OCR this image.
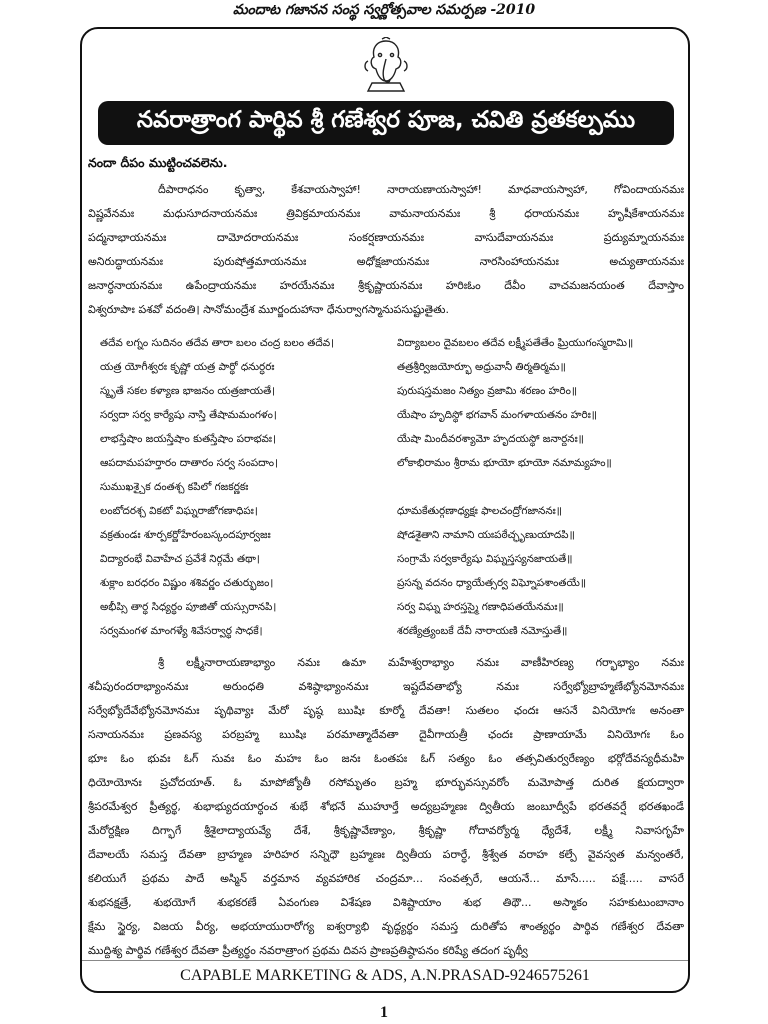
మందాట గజానన సంస్థ స్వర్ణోత్సవాల సమర్పణ -2010
నవరాత్రాంగ పార్థివ శ్రీ గణేశ్వర పూజ, చవితి వ్రతకల్పము
నందా దీపం ముట్టించవలెను.
దీపారాధనం కృత్వా, కేశవాయస్వాహా! నారాయణాయస్వాహా! మాధవాయస్వాహా, గోవిందాయనమః
విష్ణవేనమః మధుసూదనాయనమః త్రివిక్రమాయనమః వామనాయనమః శ్రీ ధరాయనమః హృషీకేశాయనమః
పద్మనాభాయనమః దామోదరాయనమః సంకర్షణాయనమః వాసుదేవాయనమః ప్రద్యుమ్నాయనమః
అనిరుద్ధాయనమః పురుషోత్తమాయనమః అధోక్షజాయనమః నారసింహాయనమః అచ్యుతాయనమః
జనార్ధనాయనమః ఉపేంద్రాయనమః హరయేనమః శ్రీకృష్ణాయనమః హరిఃఓం దేవీం వాచమజనయంత దేవాస్తాం
విశ్వరూపాః పశవో వదంతి। సానోమంద్రేశ మూర్జందుహానా ధేనుర్వాగస్మానుపసుష్టుతైతు.
తదేవ లగ్నం సుదినం తదేవ తారా బలం చంద్ర బలం తదేవ।	విద్యాబలం దైవబలం తదేవ లక్ష్మీపతేతేం ఘ్రియుగంస్మరామి॥
యత్ర యోగీశ్వరః కృష్ణో యత్ర పార్థో ధనుర్ధరః	తత్రశ్రీర్విజయోర్భూ అధ్రువానీ తిర్మతిర్మమ॥
స్మృతే సకల కళ్యాణ భాజనం యత్రజాయతే।	పురుషస్తమజం నిత్యం వ్రజామి శరణం హరిం॥
సర్వదా సర్వ కార్యేషు నాస్తి తేషామమంగళం।	యేషాం హృదిస్థో భగవాన్ మంగళాయతనం హరిః॥
లాభస్తేషాం జయస్తేషాం కుతస్తేషాం పరాభవః।	యేషా మిందీవరశ్యామో హృదయస్థో జనార్దనః॥
ఆపదామపహర్తారం దాతారం సర్వ సంపదాం।	లోకాభిరామం శ్రీరామ భూయో భూయో నమామ్యహం॥
సుముఖశ్చైక దంతశ్చ కపిలో గజకర్ణకః
లంబోదరశ్చ వికటో విఘ్నరాజోగణాధిపః।	ధూమకేతుర్గణాధ్యక్షః ఫాలచంద్రోగజాననః॥
వక్రతుండః శూర్పకర్ణోహేరంబస్కందపూర్వజః	షోడశైతాని నామాని యఃపఠేచ్ఛృణుయాదపి॥
విద్యారంభే వివాహేచ ప్రవేశే నిర్గమే తథా।	సంగ్రామే సర్వకార్యేషు విఘ్నస్తస్యనజాయతే॥
శుక్లాం బరధరం విష్ణుం శశివర్ణం చతుర్భుజం।	ప్రసన్న వదనం ధ్యాయేత్సర్వ విఘ్నోపశాంతయే॥
అభీప్సి తార్థ సిధ్యర్థం పూజితో యస్సురానపి।	సర్వ విఘ్న హరస్తస్మై గణాధిపతయేనమః॥
సర్వమంగళ మాంగళ్యే శివేసర్వార్థ సాధకే।	శరణ్యేత్ర్యంబకే దేవీ నారాయణి నమోస్తుతే॥
శ్రీ లక్ష్మీనారాయణాభ్యాం నమః ఉమా మహేశ్వరాభ్యాం నమః వాణీహిరణ్య గర్భాభ్యాం నమః
శచీపురందరాభ్యాంనమః అరుంధతి వశిష్ఠాభ్యాంనమః ఇష్టదేవతాభ్యో నమః సర్వేభ్యోబ్రాహ్మణేభ్యోనమోనమః
సర్వేభ్యోదేవేభ్యోనమోనమః పృథివ్యాః మేరో పృష్ఠ ఋషిః కూర్మో దేవతా! సుతలం ఛందః ఆసనే వినియోగః అనంతా
సనాయనమః ప్రణవస్య పరబ్రహ్మ ఋషిః పరమాత్మాదేవతా దైవీగాయత్రీ ఛందః ప్రాణాయామే వినియోగః ఓం
భూః ఓం భువః ఓగ్‌ సువః ఓం మహః ఓం జనః ఓంతపః ఓగ్‌ సత్యం ఓం తత్సవితుర్వరేణ్యం భర్గోదేవస్యధీమహి
ధియోయోనః ప్రచోదయాత్‌. ఓ మాపోజ్యోతీ రసోమృతం బ్రహ్మ భూర్భువస్సువరోం మమోపాత్త దురిత క్షయద్వారా
శ్రీపరమేశ్వర ప్రీత్యర్థ, శుభాభ్యుదయార్ధంచ శుభే శోభనే ముహూర్తే అద్యబ్రహ్మణః ద్వితీయ జంబూద్వీపే భరతవర్షే భరతఖండే
మేరోర్దక్షిణ దిగ్భాగే శ్రీశైలాద్యాయవ్యే దేశే, శ్రీకృష్ణావేణ్యాం, శ్రీకృష్ణా గోదావర్యోర్మ ధ్యేదేశే, లక్ష్మీ నివాసగృహే
దేవాలయే సమస్త దేవతా బ్రాహ్మణ హరిహర సన్నిధౌ బ్రహ్మణః ద్వితీయ పరార్ధే, శ్రీశ్వేత వరాహ కల్పే వైవస్వత మన్వంతరే,
కలియుగే ప్రథమ పాదే అస్మిన్‌ వర్తమాన వ్యవహారిక చంద్రమా... సంవత్సరే, ఆయనే... మాసే..... పక్షే..... వాసరే
శుభనక్షత్రే, శుభయోగే శుభకరణే ఏవంగుణ విశేషణ విశిష్టాయాం శుభ తిథౌ... అస్మాకం సహకుటుంబానాం
క్షేమ స్థైర్య, విజయ వీర్య, అభయాయురారోగ్య ఐశ్వర్యాభి వృద్ధ్యర్థం సమస్త దురితోప శాంత్యర్థం పార్థివ గణేశ్వర దేవతా
ముద్దిశ్య పార్థివ గణేశ్వర దేవతా ప్రీత్యర్థం నవరాత్రాంగ ప్రథమ దివస ప్రాణప్రతిష్ఠాపనం కరిష్యే తదంగ పృథ్వీ
CAPABLE MARKETING & ADS, A.N.PRASAD-9246575261
1
